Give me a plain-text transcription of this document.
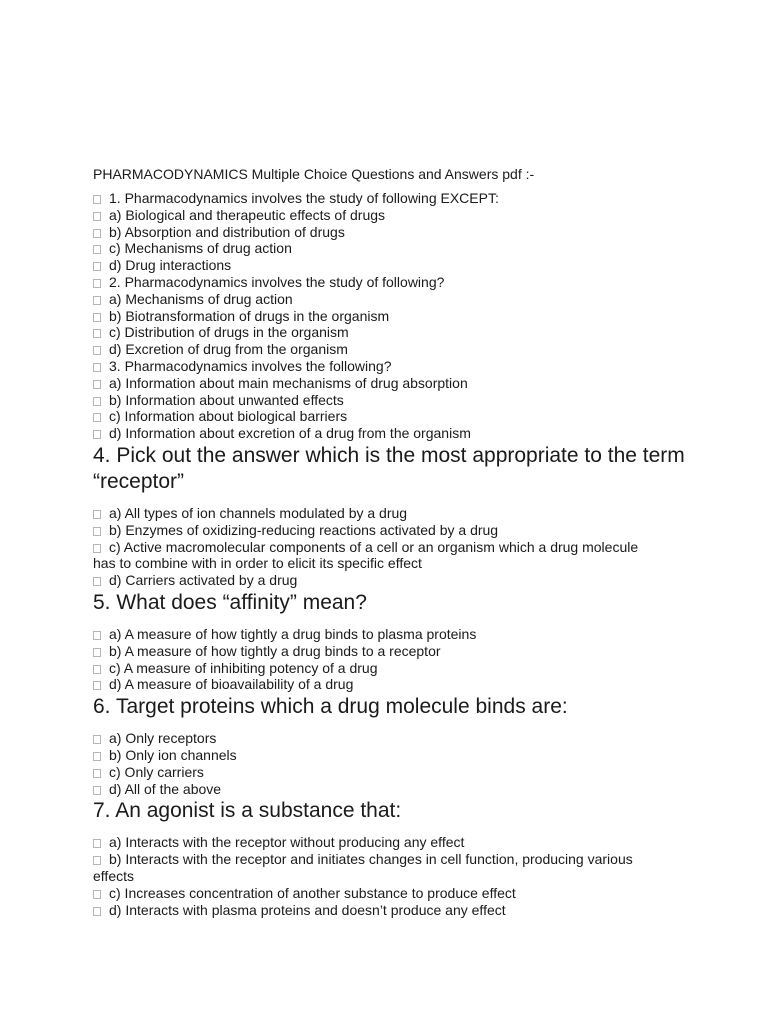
PHARMACODYNAMICS Multiple Choice Questions and Answers pdf :-
1. Pharmacodynamics involves the study of following EXCEPT:
a) Biological and therapeutic effects of drugs
b) Absorption and distribution of drugs
c) Mechanisms of drug action
d) Drug interactions
2. Pharmacodynamics involves the study of following?
a) Mechanisms of drug action
b) Biotransformation of drugs in the organism
c) Distribution of drugs in the organism
d) Excretion of drug from the organism
3. Pharmacodynamics involves the following?
a) Information about main mechanisms of drug absorption
b) Information about unwanted effects
c) Information about biological barriers
d) Information about excretion of a drug from the organism
4. Pick out the answer which is the most appropriate to the term “receptor”
a) All types of ion channels modulated by a drug
b) Enzymes of oxidizing-reducing reactions activated by a drug
c) Active macromolecular components of a cell or an organism which a drug molecule has to combine with in order to elicit its specific effect
d) Carriers activated by a drug
5. What does “affinity” mean?
a) A measure of how tightly a drug binds to plasma proteins
b) A measure of how tightly a drug binds to a receptor
c) A measure of inhibiting potency of a drug
d) A measure of bioavailability of a drug
6. Target proteins which a drug molecule binds are:
a) Only receptors
b) Only ion channels
c) Only carriers
d) All of the above
7. An agonist is a substance that:
a) Interacts with the receptor without producing any effect
b) Interacts with the receptor and initiates changes in cell function, producing various effects
c) Increases concentration of another substance to produce effect
d) Interacts with plasma proteins and doesn’t produce any effect
